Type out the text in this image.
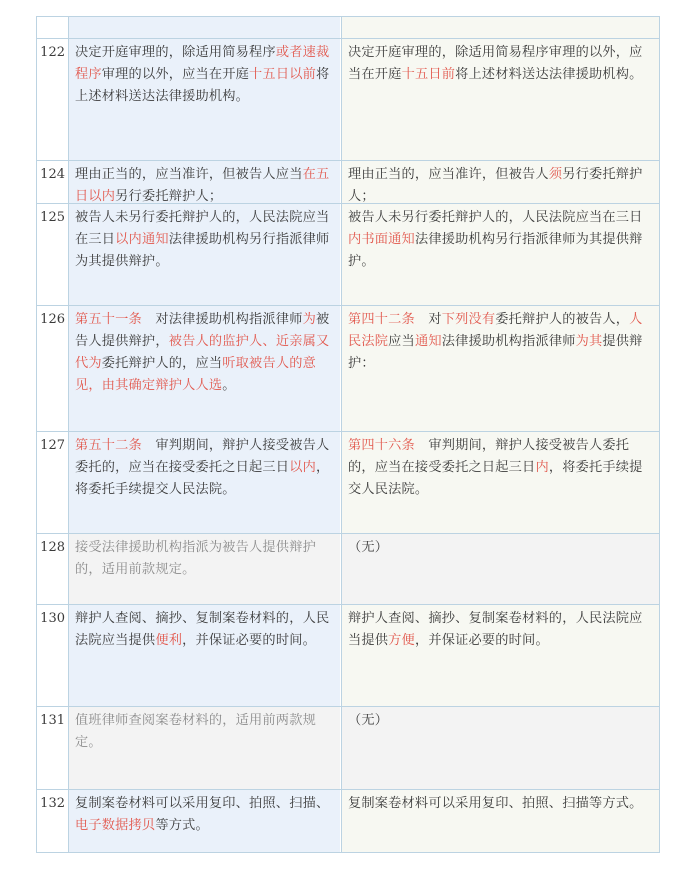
122 决定开庭审理的，除适用简易程序或者速裁程序审理的以外，应当在开庭十五日以前将上述材料送达法律援助机构。
决定开庭审理的，除适用简易程序审理的以外，应当在开庭十五日前将上述材料送达法律援助机构。
124 理由正当的，应当准许，但被告人应当在五日以内另行委托辩护人；
理由正当的，应当准许，但被告人须另行委托辩护人；
125 被告人未另行委托辩护人的，人民法院应当在三日以内通知法律援助机构另行指派律师为其提供辩护。
被告人未另行委托辩护人的，人民法院应当在三日内书面通知法律援助机构另行指派律师为其提供辩护。
126 第五十一条　对法律援助机构指派律师为被告人提供辩护，被告人的监护人、近亲属又代为委托辩护人的，应当听取被告人的意见，由其确定辩护人人选。
第四十二条　对下列没有委托辩护人的被告人，人民法院应当通知法律援助机构指派律师为其提供辩护：
127 第五十二条　审判期间，辩护人接受被告人委托的，应当在接受委托之日起三日以内，将委托手续提交人民法院。
第四十六条　审判期间，辩护人接受被告人委托的，应当在接受委托之日起三日内，将委托手续提交人民法院。
128 接受法律援助机构指派为被告人提供辩护的，适用前款规定。
（无）
130 辩护人查阅、摘抄、复制案卷材料的，人民法院应当提供便利，并保证必要的时间。
辩护人查阅、摘抄、复制案卷材料的，人民法院应当提供方便，并保证必要的时间。
131 值班律师查阅案卷材料的，适用前两款规定。
（无）
132 复制案卷材料可以采用复印、拍照、扫描、电子数据拷贝等方式。
复制案卷材料可以采用复印、拍照、扫描等方式。
